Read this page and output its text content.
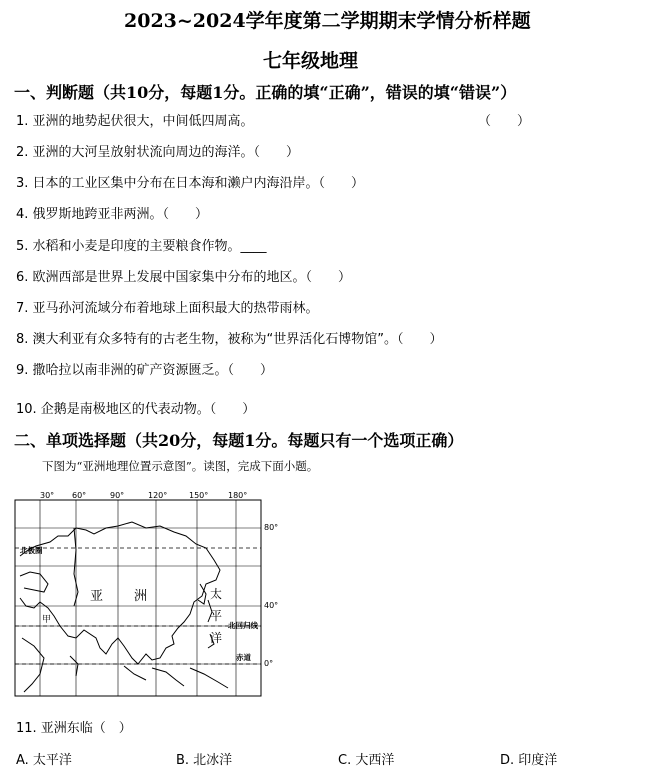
2023~2024学年度第二学期期末学情分析样题
七年级地理
一、判断题（共10分，每题1分。正确的填“正确”，错误的填“错误”）
1. 亚洲的地势起伏很大，中间低四周高。	（　　）
2. 亚洲的大河呈放射状流向周边的海洋。（　　）
3. 日本的工业区集中分布在日本海和濑户内海沿岸。（　　）
4. 俄罗斯地跨亚非两洲。（　　）
5. 水稻和小麦是印度的主要粮食作物。____
6. 欧洲西部是世界上发展中国家集中分布的地区。（　　）
7. 亚马孙河流域分布着地球上面积最大的热带雨林。
8. 澳大利亚有众多特有的古老生物，被称为“世界活化石博物馆”。（　　）
9. 撒哈拉以南非洲的矿产资源匮乏。（　　）
10. 企鹅是南极地区的代表动物。（　　）
二、单项选择题（共20分，每题1分。每题只有一个选项正确）
下图为“亚洲地理位置示意图”。读图，完成下面小题。
30° 60°	90°	120°	150° 180°
80°
40°
0°
北极圈
亚 洲	太
平
洋
甲
北回归线
赤道
11. 亚洲东临（　）
A. 太平洋	B. 北冰洋	C. 大西洋	D. 印度洋
